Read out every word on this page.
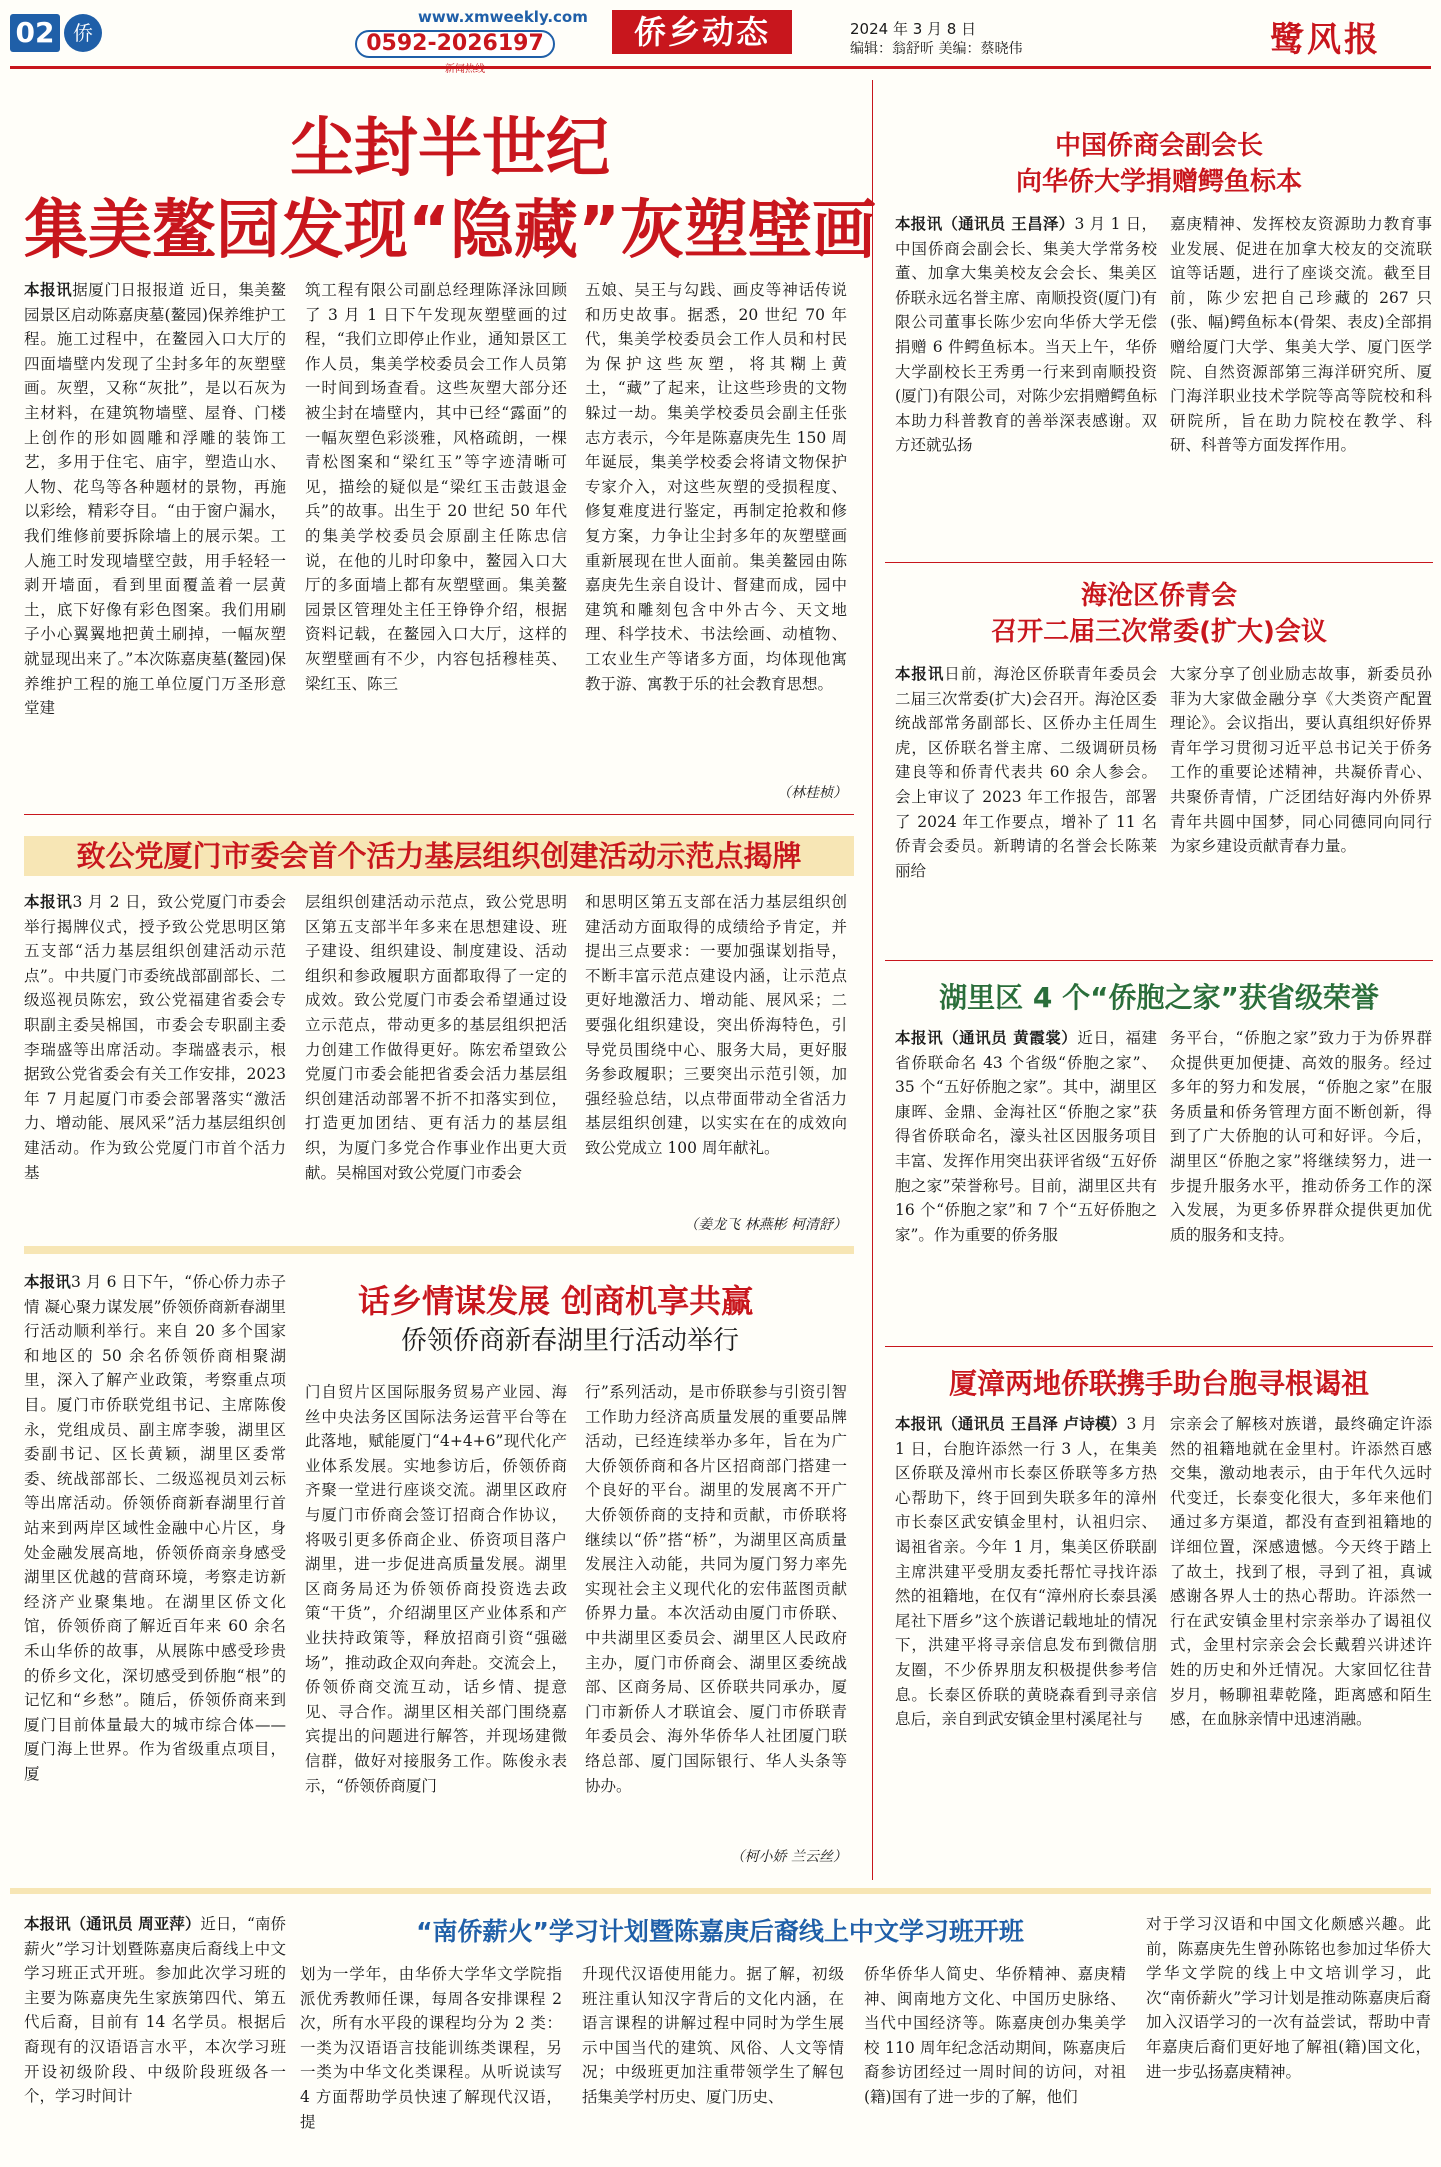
02 侨
www.xmweekly.com
0592-2026197
新闻热线
侨乡动态	2024 年 3 月 8 日
编辑：翁舒昕 美编：蔡晓伟	鹭风报
尘封半世纪
集美鳌园发现“隐藏”灰塑壁画
本报讯据厦门日报报道 近日，集美鳌园景区启动陈嘉庚墓(鳌园)保养维护工程。施工过程中，在鳌园入口大厅的四面墙壁内发现了尘封多年的灰塑壁画。灰塑，又称“灰批”，是以石灰为主材料，在建筑物墙壁、屋脊、门楼上创作的形如圆雕和浮雕的装饰工艺，多用于住宅、庙宇，塑造山水、人物、花鸟等各种题材的景物，再施以彩绘，精彩夺目。“由于窗户漏水，我们维修前要拆除墙上的展示架。工人施工时发现墙壁空鼓，用手轻轻一剥开墙面，看到里面覆盖着一层黄土，底下好像有彩色图案。我们用刷子小心翼翼地把黄土刷掉，一幅灰塑就显现出来了。”本次陈嘉庚墓(鳌园)保养维护工程的施工单位厦门万圣形意堂建
筑工程有限公司副总经理陈泽泳回顾了 3 月 1 日下午发现灰塑壁画的过程，“我们立即停止作业，通知景区工作人员，集美学校委员会工作人员第一时间到场查看。这些灰塑大部分还被尘封在墙壁内，其中已经“露面”的一幅灰塑色彩淡雅，风格疏朗，一棵青松图案和“梁红玉”等字迹清晰可见，描绘的疑似是“梁红玉击鼓退金兵”的故事。出生于 20 世纪 50 年代的集美学校委员会原副主任陈忠信说，在他的儿时印象中，鳌园入口大厅的多面墙上都有灰塑壁画。集美鳌园景区管理处主任王铮铮介绍，根据资料记载，在鳌园入口大厅，这样的灰塑壁画有不少，内容包括穆桂英、梁红玉、陈三
五娘、吴王与勾践、画皮等神话传说和历史故事。据悉，20 世纪 70 年代，集美学校委员会工作人员和村民为保护这些灰塑，将其糊上黄土，“藏”了起来，让这些珍贵的文物躲过一劫。集美学校委员会副主任张志方表示，今年是陈嘉庚先生 150 周年诞辰，集美学校委会将请文物保护专家介入，对这些灰塑的受损程度、修复难度进行鉴定，再制定抢救和修复方案，力争让尘封多年的灰塑壁画重新展现在世人面前。集美鳌园由陈嘉庚先生亲自设计、督建而成，园中建筑和雕刻包含中外古今、天文地理、科学技术、书法绘画、动植物、工农业生产等诸多方面，均体现他寓教于游、寓教于乐的社会教育思想。
（林桂桢）
致公党厦门市委会首个活力基层组织创建活动示范点揭牌
本报讯3 月 2 日，致公党厦门市委会举行揭牌仪式，授予致公党思明区第五支部“活力基层组织创建活动示范点”。中共厦门市委统战部副部长、二级巡视员陈宏，致公党福建省委会专职副主委吴棉国，市委会专职副主委李瑞盛等出席活动。李瑞盛表示，根据致公党省委会有关工作安排，2023 年 7 月起厦门市委会部署落实“激活力、增动能、展风采”活力基层组织创建活动。作为致公党厦门市首个活力基
层组织创建活动示范点，致公党思明区第五支部半年多来在思想建设、班子建设、组织建设、制度建设、活动组织和参政履职方面都取得了一定的成效。致公党厦门市委会希望通过设立示范点，带动更多的基层组织把活力创建工作做得更好。陈宏希望致公党厦门市委会能把省委会活力基层组织创建活动部署不折不扣落实到位，打造更加团结、更有活力的基层组织，为厦门多党合作事业作出更大贡献。吴棉国对致公党厦门市委会
和思明区第五支部在活力基层组织创建活动方面取得的成绩给予肯定，并提出三点要求：一要加强谋划指导，不断丰富示范点建设内涵，让示范点更好地激活力、增动能、展风采；二要强化组织建设，突出侨海特色，引导党员围绕中心、服务大局，更好服务参政履职；三要突出示范引领，加强经验总结，以点带面带动全省活力基层组织创建，以实实在在的成效向致公党成立 100 周年献礼。
（姜龙飞 林燕彬 柯清舒）
话乡情谋发展 创商机享共赢
侨领侨商新春湖里行活动举行
本报讯3 月 6 日下午，“侨心侨力赤子情 凝心聚力谋发展”侨领侨商新春湖里行活动顺利举行。来自 20 多个国家和地区的 50 余名侨领侨商相聚湖里，深入了解产业政策，考察重点项目。厦门市侨联党组书记、主席陈俊永，党组成员、副主席李骏，湖里区委副书记、区长黄颖，湖里区委常委、统战部部长、二级巡视员刘云标等出席活动。侨领侨商新春湖里行首站来到两岸区域性金融中心片区，身处金融发展高地，侨领侨商亲身感受湖里区优越的营商环境，考察走访新经济产业聚集地。在湖里区侨文化馆，侨领侨商了解近百年来 60 余名禾山华侨的故事，从展陈中感受珍贵的侨乡文化，深切感受到侨胞“根”的记忆和“乡愁”。随后，侨领侨商来到厦门目前体量最大的城市综合体——厦门海上世界。作为省级重点项目，厦
门自贸片区国际服务贸易产业园、海丝中央法务区国际法务运营平台等在此落地，赋能厦门“4+4+6”现代化产业体系发展。实地参访后，侨领侨商齐聚一堂进行座谈交流。湖里区政府与厦门市侨商会签订招商合作协议，将吸引更多侨商企业、侨资项目落户湖里，进一步促进高质量发展。湖里区商务局还为侨领侨商投资选去政策“干货”，介绍湖里区产业体系和产业扶持政策等，释放招商引资“强磁场”，推动政企双向奔赴。交流会上，侨领侨商交流互动，话乡情、提意见、寻合作。湖里区相关部门围绕嘉宾提出的问题进行解答，并现场建微信群，做好对接服务工作。陈俊永表示，“侨领侨商厦门
行”系列活动，是市侨联参与引资引智工作助力经济高质量发展的重要品牌活动，已经连续举办多年，旨在为广大侨领侨商和各片区招商部门搭建一个良好的平台。湖里的发展离不开广大侨领侨商的支持和贡献，市侨联将继续以“侨”搭“桥”，为湖里区高质量发展注入动能，共同为厦门努力率先实现社会主义现代化的宏伟蓝图贡献侨界力量。本次活动由厦门市侨联、中共湖里区委员会、湖里区人民政府主办，厦门市侨商会、湖里区委统战部、区商务局、区侨联共同承办，厦门市新侨人才联谊会、厦门市侨联青年委员会、海外华侨华人社团厦门联络总部、厦门国际银行、华人头条等协办。
（柯小娇 兰云丝）
中国侨商会副会长
向华侨大学捐赠鳄鱼标本
本报讯（通讯员 王昌泽）3 月 1 日，中国侨商会副会长、集美大学常务校董、加拿大集美校友会会长、集美区侨联永远名誉主席、南顺投资(厦门)有限公司董事长陈少宏向华侨大学无偿捐赠 6 件鳄鱼标本。当天上午，华侨大学副校长王秀勇一行来到南顺投资(厦门)有限公司，对陈少宏捐赠鳄鱼标本助力科普教育的善举深表感谢。双方还就弘扬
嘉庚精神、发挥校友资源助力教育事业发展、促进在加拿大校友的交流联谊等话题，进行了座谈交流。截至目前，陈少宏把自己珍藏的 267 只(张、幅)鳄鱼标本(骨架、表皮)全部捐赠给厦门大学、集美大学、厦门医学院、自然资源部第三海洋研究所、厦门海洋职业技术学院等高等院校和科研院所，旨在助力院校在教学、科研、科普等方面发挥作用。
海沧区侨青会
召开二届三次常委(扩大)会议
本报讯日前，海沧区侨联青年委员会二届三次常委(扩大)会召开。海沧区委统战部常务副部长、区侨办主任周生虎，区侨联名誉主席、二级调研员杨建良等和侨青代表共 60 余人参会。会上审议了 2023 年工作报告，部署了 2024 年工作要点，增补了 11 名侨青会委员。新聘请的名誉会长陈莱丽给
大家分享了创业励志故事，新委员孙菲为大家做金融分享《大类资产配置理论》。会议指出，要认真组织好侨界青年学习贯彻习近平总书记关于侨务工作的重要论述精神，共凝侨青心、共聚侨青情，广泛团结好海内外侨界青年共圆中国梦，同心同德同向同行为家乡建设贡献青春力量。
湖里区 4 个“侨胞之家”获省级荣誉
本报讯（通讯员 黄霞裳）近日，福建省侨联命名 43 个省级“侨胞之家”、35 个“五好侨胞之家”。其中，湖里区康晖、金鼎、金海社区“侨胞之家”获得省侨联命名，濠头社区因服务项目丰富、发挥作用突出获评省级“五好侨胞之家”荣誉称号。目前，湖里区共有 16 个“侨胞之家”和 7 个“五好侨胞之家”。作为重要的侨务服
务平台，“侨胞之家”致力于为侨界群众提供更加便捷、高效的服务。经过多年的努力和发展，“侨胞之家”在服务质量和侨务管理方面不断创新，得到了广大侨胞的认可和好评。今后，湖里区“侨胞之家”将继续努力，进一步提升服务水平，推动侨务工作的深入发展，为更多侨界群众提供更加优质的服务和支持。
厦漳两地侨联携手助台胞寻根谒祖
本报讯（通讯员 王昌泽 卢诗模）3 月 1 日，台胞许添然一行 3 人，在集美区侨联及漳州市长泰区侨联等多方热心帮助下，终于回到失联多年的漳州市长泰区武安镇金里村，认祖归宗、谒祖省亲。今年 1 月，集美区侨联副主席洪建平受朋友委托帮忙寻找许添然的祖籍地，在仅有“漳州府长泰县溪尾社下厝乡”这个族谱记载地址的情况下，洪建平将寻亲信息发布到微信朋友圈，不少侨界朋友积极提供参考信息。长泰区侨联的黄晓森看到寻亲信息后，亲自到武安镇金里村溪尾社与
宗亲会了解核对族谱，最终确定许添然的祖籍地就在金里村。许添然百感交集，激动地表示，由于年代久远时代变迁，长泰变化很大，多年来他们通过多方渠道，都没有查到祖籍地的详细位置，深感遗憾。今天终于踏上了故土，找到了根，寻到了祖，真诚感谢各界人士的热心帮助。许添然一行在武安镇金里村宗亲举办了谒祖仪式，金里村宗亲会会长戴碧兴讲述许姓的历史和外迁情况。大家回忆往昔岁月，畅聊祖辈乾隆，距离感和陌生感，在血脉亲情中迅速消融。
“南侨薪火”学习计划暨陈嘉庚后裔线上中文学习班开班
本报讯（通讯员 周亚萍）近日，“南侨薪火”学习计划暨陈嘉庚后裔线上中文学习班正式开班。参加此次学习班的主要为陈嘉庚先生家族第四代、第五代后裔，目前有 14 名学员。根据后裔现有的汉语语言水平，本次学习班开设初级阶段、中级阶段班级各一个，学习时间计
划为一学年，由华侨大学华文学院指派优秀教师任课，每周各安排课程 2 次，所有水平段的课程均分为 2 类：一类为汉语语言技能训练类课程，另一类为中华文化类课程。从听说读写 4 方面帮助学员快速了解现代汉语，提
升现代汉语使用能力。据了解，初级班注重认知汉字背后的文化内涵，在语言课程的讲解过程中同时为学生展示中国当代的建筑、风俗、人文等情况；中级班更加注重带领学生了解包括集美学村历史、厦门历史、
侨华侨华人简史、华侨精神、嘉庚精神、闽南地方文化、中国历史脉络、当代中国经济等。陈嘉庚创办集美学校 110 周年纪念活动期间，陈嘉庚后裔参访团经过一周时间的访问，对祖(籍)国有了进一步的了解，他们
对于学习汉语和中国文化颇感兴趣。此前，陈嘉庚先生曾孙陈铭也参加过华侨大学华文学院的线上中文培训学习，此次“南侨薪火”学习计划是推动陈嘉庚后裔加入汉语学习的一次有益尝试，帮助中青年嘉庚后裔们更好地了解祖(籍)国文化，进一步弘扬嘉庚精神。
